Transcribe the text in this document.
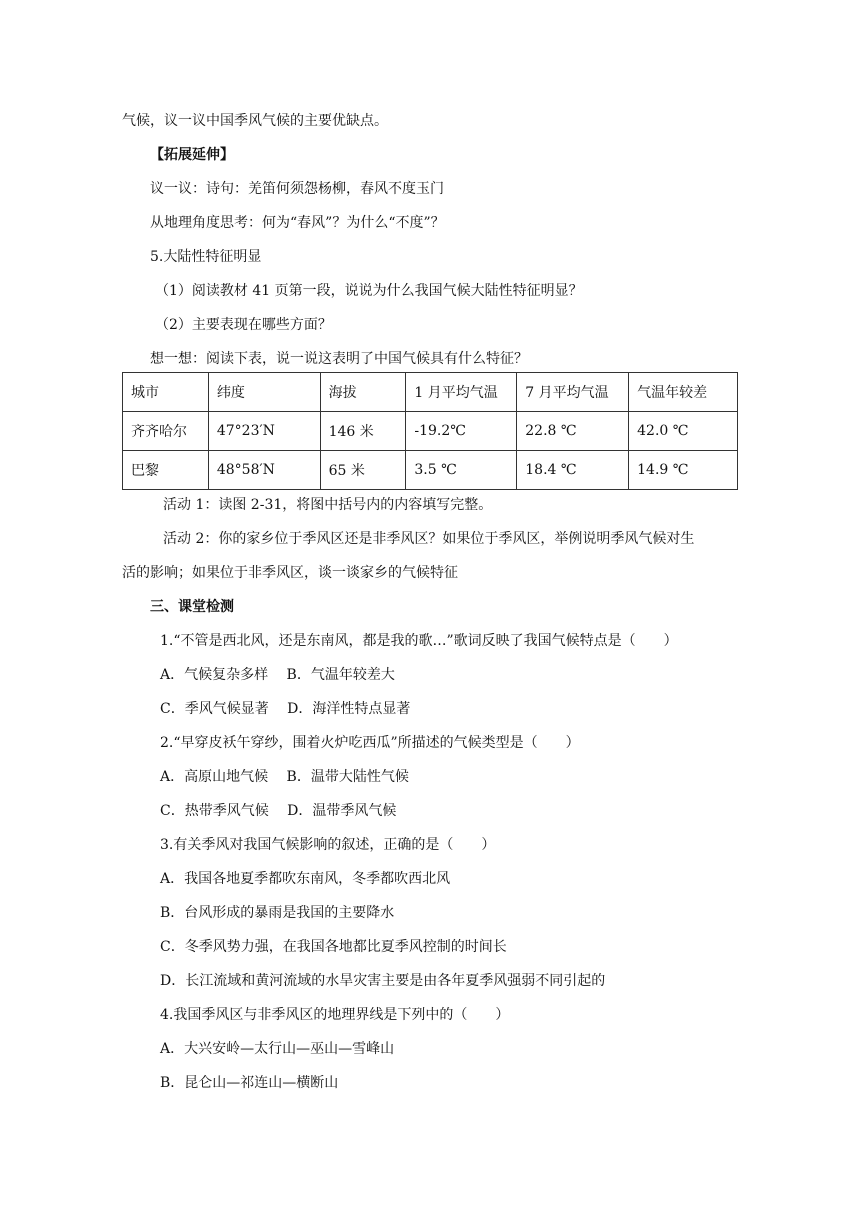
气候，议一议中国季风气候的主要优缺点。
【拓展延伸】
议一议：诗句：羌笛何须怨杨柳，春风不度玉门
从地理角度思考：何为“春风”？为什么“不度”？
5.大陆性特征明显
（1）阅读教材 41 页第一段，说说为什么我国气候大陆性特征明显？
（2）主要表现在哪些方面？
想一想：阅读下表，说一说这表明了中国气候具有什么特征？
城市	纬度	海拔	1 月平均气温	7 月平均气温	气温年较差
齐齐哈尔	47°23′N	146 米	-19.2℃	22.8 ℃	42.0 ℃
巴黎	48°58′N	65 米	3.5 ℃	18.4 ℃	14.9 ℃
活动 1：读图 2-31，将图中括号内的内容填写完整。
活动 2：你的家乡位于季风区还是非季风区？如果位于季风区，举例说明季风气候对生
活的影响；如果位于非季风区，谈一谈家乡的气候特征
三、课堂检测
1.“不管是西北风，还是东南风，都是我的歌…”歌词反映了我国气候特点是（　　）
A．气候复杂多样　 B．气温年较差大
C．季风气候显著　 D．海洋性特点显著
2.“早穿皮袄午穿纱，围着火炉吃西瓜”所描述的气候类型是（　　）
A．高原山地气候　 B．温带大陆性气候
C．热带季风气候　 D．温带季风气候
3.有关季风对我国气候影响的叙述，正确的是（　　）
A．我国各地夏季都吹东南风，冬季都吹西北风
B．台风形成的暴雨是我国的主要降水
C．冬季风势力强，在我国各地都比夏季风控制的时间长
D．长江流域和黄河流域的水旱灾害主要是由各年夏季风强弱不同引起的
4.我国季风区与非季风区的地理界线是下列中的（　　）
A．大兴安岭—太行山—巫山—雪峰山
B．昆仑山—祁连山—横断山
